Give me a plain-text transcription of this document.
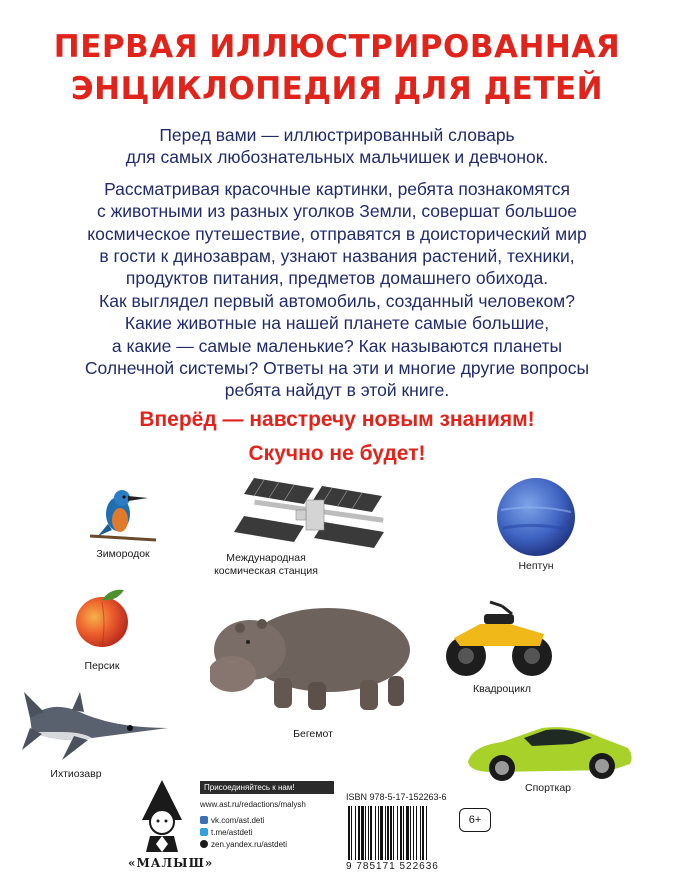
ПЕРВАЯ ИЛЛЮСТРИРОВАННАЯ
ЭНЦИКЛОПЕДИЯ ДЛЯ ДЕТЕЙ
Перед вами — иллюстрированный словарь
для самых любознательных мальчишек и девчонок.
Рассматривая красочные картинки, ребята познакомятся
с животными из разных уголков Земли, совершат большое
космическое путешествие, отправятся в доисторический мир
в гости к динозаврам, узнают названия растений, техники,
продуктов питания, предметов домашнего обихода.
Как выглядел первый автомобиль, созданный человеком?
Какие животные на нашей планете самые большие,
а какие — самые маленькие? Как называются планеты
Солнечной системы? Ответы на эти и многие другие вопросы
ребята найдут в этой книге.
Вперёд — навстречу новым знаниям!
Скучно не будет!
Зимородок	Международная
космическая станция	Нептун
Персик
Бегемот
Квадроцикл
Ихтиозавр
Спорткар
«МАЛЫШ»
Присоединяйтесь к нам!
www.ast.ru/redactions/malysh
vk.com/ast.deti
t.me/astdeti
zen.yandex.ru/astdeti
ISBN 978-5-17-152263-6
9 785171 522636
6+
